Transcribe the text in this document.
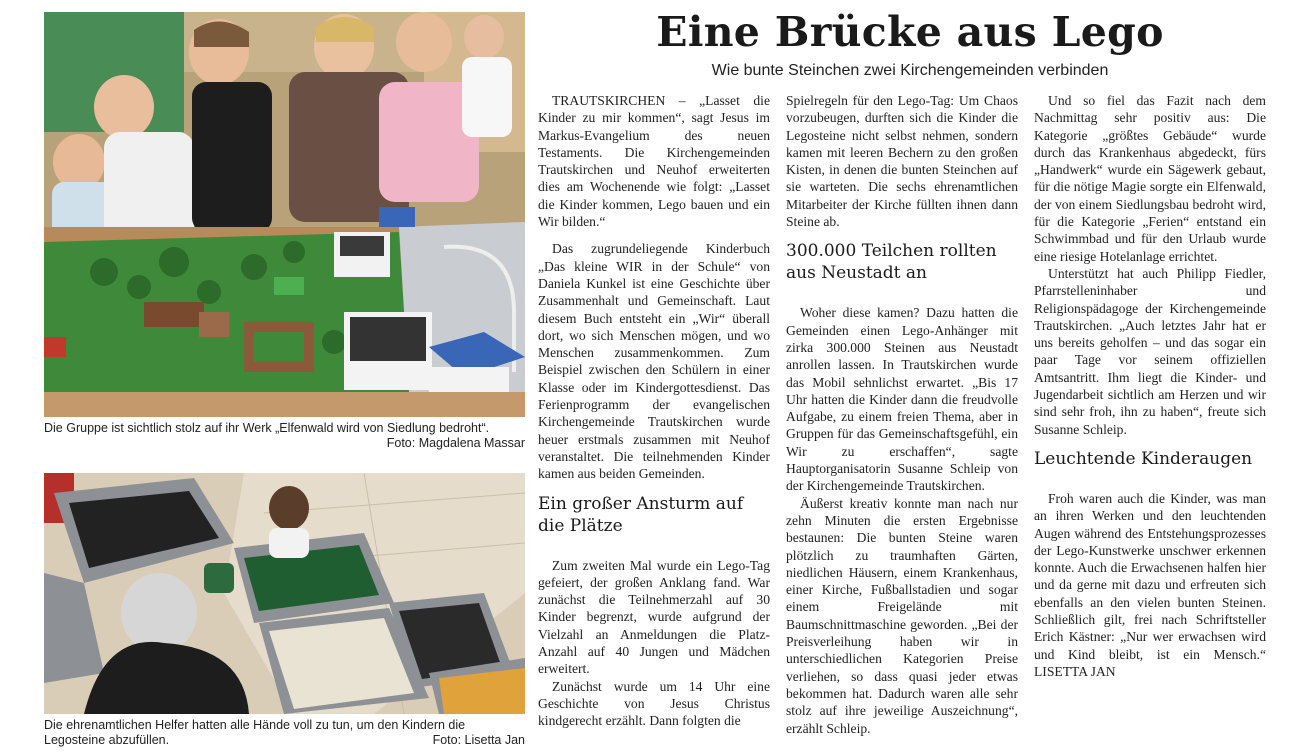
Die Gruppe ist sichtlich stolz auf ihr Werk „Elfenwald wird von Siedlung bedroht“.
Foto: Magdalena Massar
Die ehrenamtlichen Helfer hatten alle Hände voll zu tun, um den Kindern die Legosteine abzufüllen.	Foto: Lisetta Jan
Eine Brücke aus Lego
Wie bunte Steinchen zwei Kirchengemeinden verbinden

TRAUTSKIRCHEN – „Lasset die Kinder zu mir kommen“, sagt Jesus im Markus-Evangelium des neuen Testaments. Die Kirchengemeinden Trautskirchen und Neuhof erweiterten dies am Wochenende wie folgt: „Lasset die Kinder kommen, Lego bauen und ein Wir bilden.“

Das zugrundeliegende Kinderbuch „Das kleine WIR in der Schule“ von Daniela Kunkel ist eine Geschichte über Zusammenhalt und Gemeinschaft. Laut diesem Buch entsteht ein „Wir“ überall dort, wo sich Menschen mögen, und wo Menschen zusammenkommen. Zum Beispiel zwischen den Schülern in einer Klasse oder im Kindergottesdienst. Das Ferienprogramm der evangelischen Kirchengemeinde Trautskirchen wurde heuer erstmals zusammen mit Neuhof veranstaltet. Die teilnehmenden Kinder kamen aus beiden Gemeinden.

Ein großer Ansturm auf die Plätze

Zum zweiten Mal wurde ein Lego-Tag gefeiert, der großen Anklang fand. War zunächst die Teilnehmerzahl auf 30 Kinder begrenzt, wurde aufgrund der Vielzahl an Anmeldungen die Platz-Anzahl auf 40 Jungen und Mädchen erweitert.

Zunächst wurde um 14 Uhr eine Geschichte von Jesus Christus kindgerecht erzählt. Dann folgten die

Spielregeln für den Lego-Tag: Um Chaos vorzubeugen, durften sich die Kinder die Legosteine nicht selbst nehmen, sondern kamen mit leeren Bechern zu den großen Kisten, in denen die bunten Steinchen auf sie warteten. Die sechs ehrenamtlichen Mitarbeiter der Kirche füllten ihnen dann Steine ab.

300.000 Teilchen rollten aus Neustadt an

Woher diese kamen? Dazu hatten die Gemeinden einen Lego-Anhänger mit zirka 300.000 Steinen aus Neustadt anrollen lassen. In Trautskirchen wurde das Mobil sehnlichst erwartet. „Bis 17 Uhr hatten die Kinder dann die freudvolle Aufgabe, zu einem freien Thema, aber in Gruppen für das Gemeinschaftsgefühl, ein Wir zu erschaffen“, sagte Hauptorganisatorin Susanne Schleip von der Kirchengemeinde Trautskirchen.

Äußerst kreativ konnte man nach nur zehn Minuten die ersten Ergebnisse bestaunen: Die bunten Steine waren plötzlich zu traumhaften Gärten, niedlichen Häusern, einem Krankenhaus, einer Kirche, Fußballstadien und sogar einem Freigelände mit Baumschnittmaschine geworden. „Bei der Preisverleihung haben wir in unterschiedlichen Kategorien Preise verliehen, so dass quasi jeder etwas bekommen hat. Dadurch waren alle sehr stolz auf ihre jeweilige Auszeichnung“, erzählt Schleip.

Und so fiel das Fazit nach dem Nachmittag sehr positiv aus: Die Kategorie „größtes Gebäude“ wurde durch das Krankenhaus abgedeckt, fürs „Handwerk“ wurde ein Sägewerk gebaut, für die nötige Magie sorgte ein Elfenwald, der von einem Siedlungsbau bedroht wird, für die Kategorie „Ferien“ entstand ein Schwimmbad und für den Urlaub wurde eine riesige Hotelanlage errichtet.

Unterstützt hat auch Philipp Fiedler, Pfarrstelleninhaber und Religionspädagoge der Kirchengemeinde Trautskirchen. „Auch letztes Jahr hat er uns bereits geholfen – und das sogar ein paar Tage vor seinem offiziellen Amtsantritt. Ihm liegt die Kinder- und Jugendarbeit sichtlich am Herzen und wir sind sehr froh, ihn zu haben“, freute sich Susanne Schleip.

Leuchtende Kinderaugen

Froh waren auch die Kinder, was man an ihren Werken und den leuchtenden Augen während des Entstehungsprozesses der Lego-Kunstwerke unschwer erkennen konnte. Auch die Erwachsenen halfen hier und da gerne mit dazu und erfreuten sich ebenfalls an den vielen bunten Steinen. Schließlich gilt, frei nach Schriftsteller Erich Kästner: „Nur wer erwachsen wird und Kind bleibt, ist ein Mensch.“ LISETTA JAN
